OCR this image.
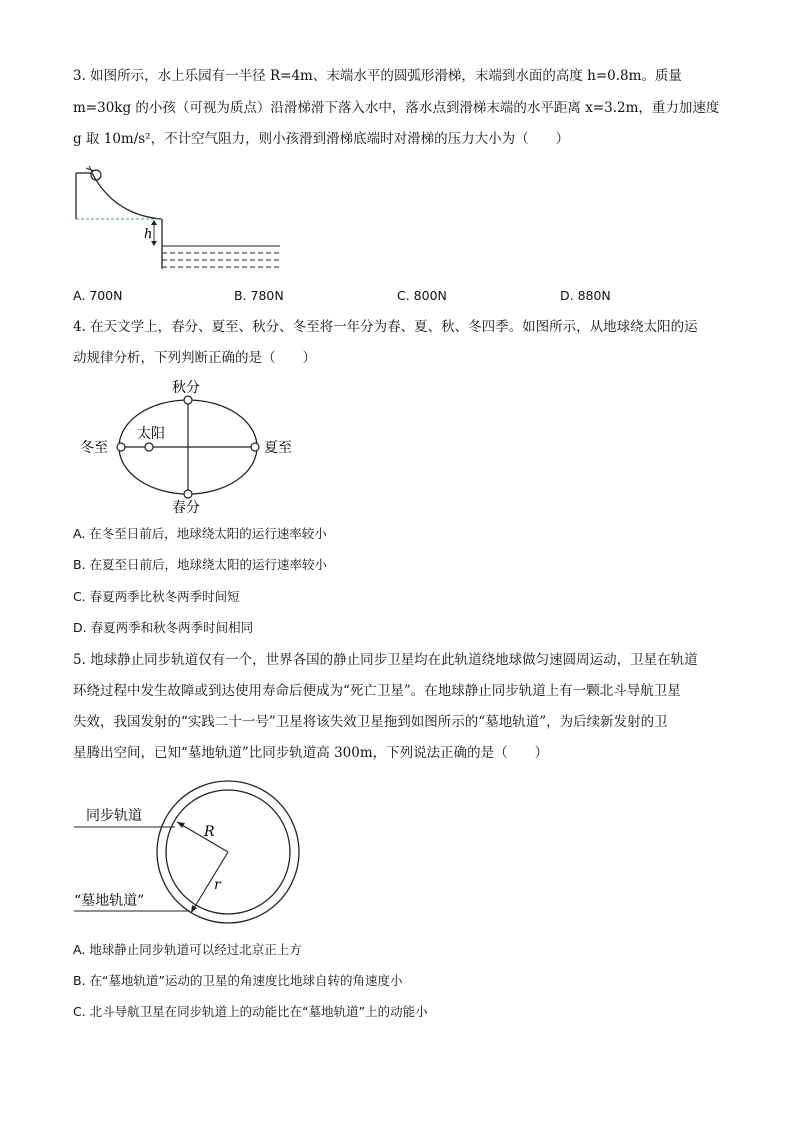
3. 如图所示，水上乐园有一半径 R=4m、末端水平的圆弧形滑梯，末端到水面的高度 h=0.8m。质量
m=30kg 的小孩（可视为质点）沿滑梯滑下落入水中，落水点到滑梯末端的水平距离 x=3.2m，重力加速度
g 取 10m/s²，不计空气阻力，则小孩滑到滑梯底端时对滑梯的压力大小为（　　）
h
A. 700N	B. 780N	C. 800N	D. 880N
4. 在天文学上，春分、夏至、秋分、冬至将一年分为春、夏、秋、冬四季。如图所示，从地球绕太阳的运
动规律分析，下列判断正确的是（　　）
秋分
春分
冬至	夏至
太阳
A. 在冬至日前后，地球绕太阳的运行速率较小
B. 在夏至日前后，地球绕太阳的运行速率较小
C. 春夏两季比秋冬两季时间短
D. 春夏两季和秋冬两季时间相同
5. 地球静止同步轨道仅有一个，世界各国的静止同步卫星均在此轨道绕地球做匀速圆周运动，卫星在轨道
环绕过程中发生故障或到达使用寿命后便成为“死亡卫星”。在地球静止同步轨道上有一颗北斗导航卫星
失效，我国发射的“实践二十一号”卫星将该失效卫星拖到如图所示的“墓地轨道”，为后续新发射的卫
星腾出空间，已知“墓地轨道”比同步轨道高 300m，下列说法正确的是（　　）
R
r
同步轨道
“墓地轨道”
A. 地球静止同步轨道可以经过北京正上方
B. 在“墓地轨道”运动的卫星的角速度比地球自转的角速度小
C. 北斗导航卫星在同步轨道上的动能比在“墓地轨道”上的动能小
